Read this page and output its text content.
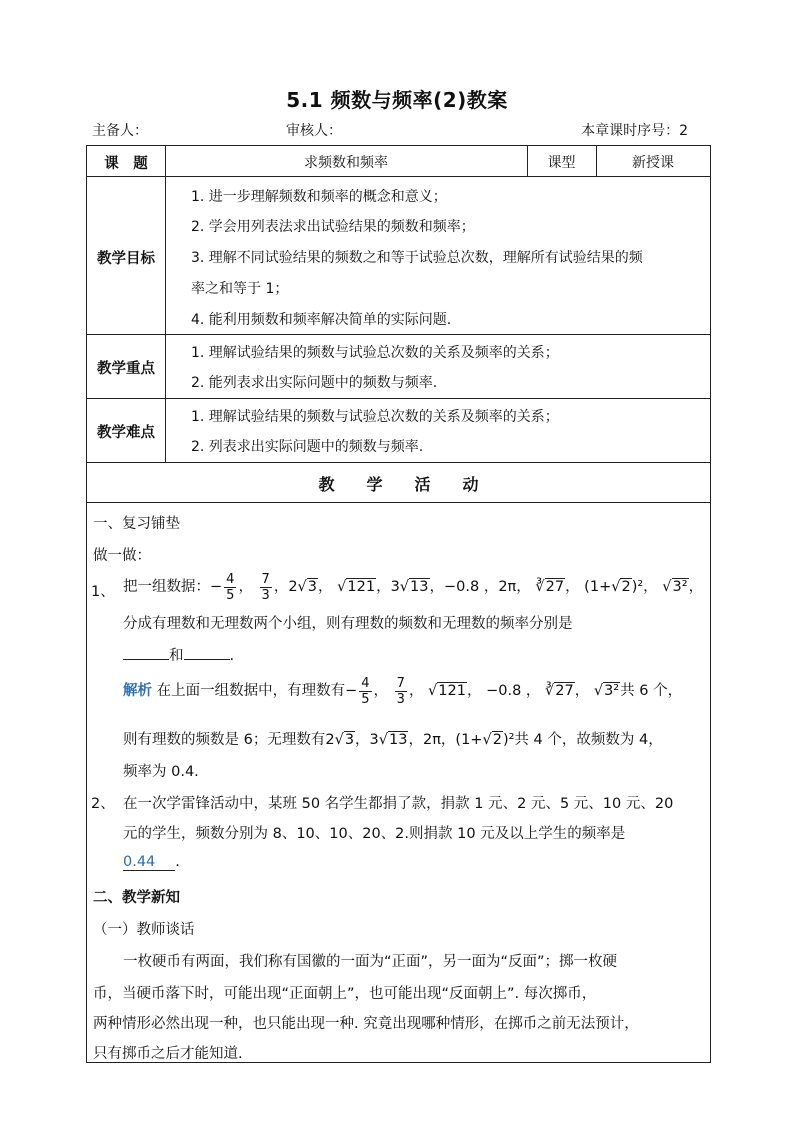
5.1 频数与频率(2)教案
主备人：	审核人：	本章课时序号：2
课　题	求频数和频率	课型	新授课
教学目标
1. 进一步理解频数和频率的概念和意义；
2. 学会用列表法求出试验结果的频数和频率；
3. 理解不同试验结果的频数之和等于试验总次数，理解所有试验结果的频
率之和等于 1；
4. 能利用频数和频率解决简单的实际问题.
教学重点
1. 理解试验结果的频数与试验总次数的关系及频率的关系；
2. 能列表求出实际问题中的频数与频率.
教学难点
1. 理解试验结果的频数与试验总次数的关系及频率的关系；
2. 列表求出实际问题中的频数与频率.
教　　学　　活　　动
一、复习铺垫
做一做：
1、 把一组数据：− $\frac{4}{5}$ ， $\frac{7}{3}$ ，2√3， √121，3√13，−0.8 ，2π， ∛27， (1+√2)²， √3²，
分成有理数和无理数两个小组，则有理数的频数和无理数的频率分别是
和	.
解析 在上面一组数据中，有理数有− $\frac{4}{5}$ ， $\frac{7}{3}$ ， √121， −0.8 ， ∛27， √3²共 6 个，
则有理数的频数是 6；无理数有2√3，3√13，2π，(1+√2)²共 4 个，故频数为 4，
频率为 0.4.
2、 在一次学雷锋活动中，某班 50 名学生都捐了款，捐款 1 元、2 元、5 元、10 元、20
元的学生，频数分别为 8、10、10、20、2.则捐款 10 元及以上学生的频率是
0.44 .
二、教学新知
（一）教师谈话
一枚硬币有两面，我们称有国徽的一面为“正面”，另一面为“反面”；掷一枚硬
币，当硬币落下时，可能出现“正面朝上”，也可能出现“反面朝上”. 每次掷币，
两种情形必然出现一种，也只能出现一种. 究竟出现哪种情形，在掷币之前无法预计，
只有掷币之后才能知道.
